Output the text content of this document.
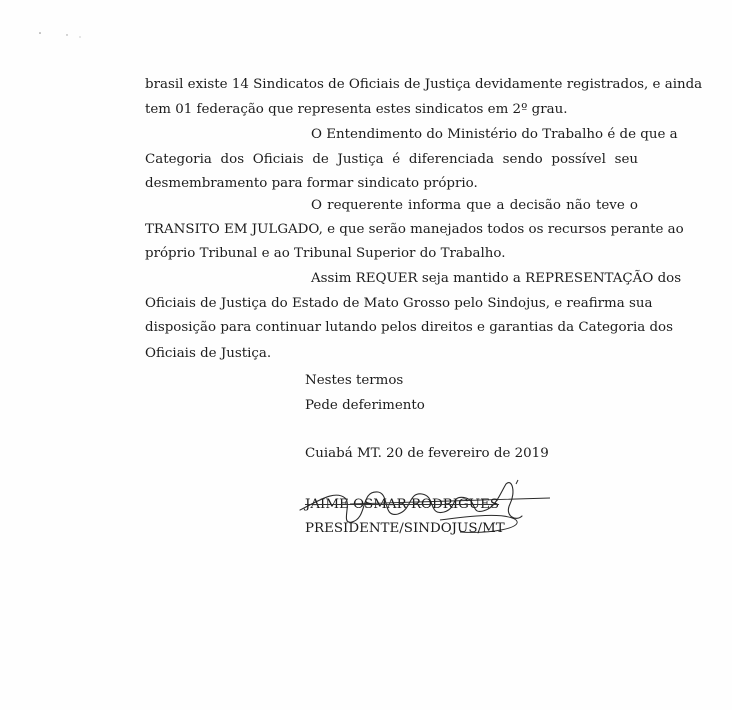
brasil existe 14 Sindicatos de Oficiais de Justiça devidamente registrados, e ainda
tem 01 federação que representa estes sindicatos em 2º grau.
O Entendimento do Ministério do Trabalho é de que a
Categoria dos Oficiais de Justiça é diferenciada sendo possível seu
desmembramento para formar sindicato próprio.
O requerente informa que a decisão não teve o
TRANSITO EM JULGADO, e que serão manejados todos os recursos perante ao
próprio Tribunal e ao Tribunal Superior do Trabalho.
Assim REQUER seja mantido a REPRESENTAÇÃO dos
Oficiais de Justiça do Estado de Mato Grosso pelo Sindojus, e reafirma sua
disposição para continuar lutando pelos direitos e garantias da Categoria dos
Oficiais de Justiça.
Nestes termos
Pede deferimento
Cuiabá MT. 20 de fevereiro de 2019
JAIME OSMAR RODRIGUES
PRESIDENTE/SINDOJUS/MT
